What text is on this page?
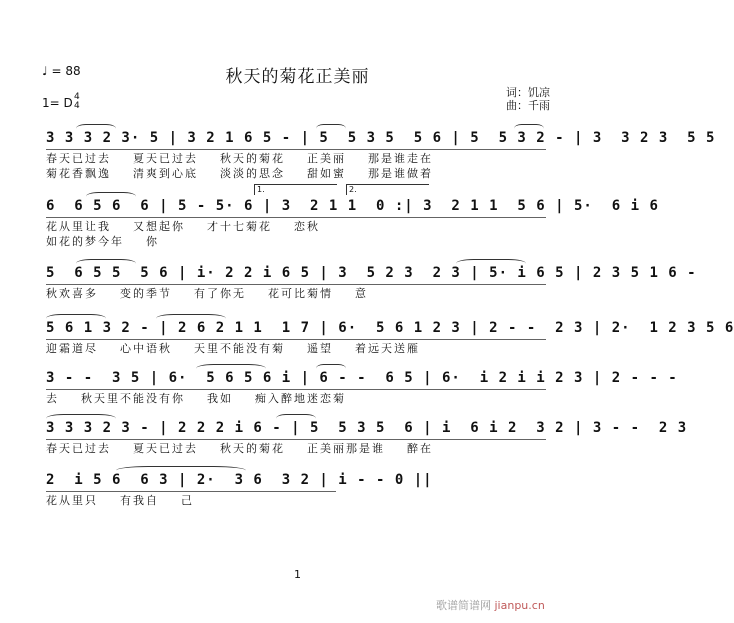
秋天的菊花正美丽
♩ = 88
1= D 4
4
词：饥凉
曲：千雨
3 3 3 2 3· 5 | 3 2 1 6 5 - | 5  5 3 5  5 6 | 5  5 3 2 - | 3  3 2 3  5 5
春天已过去    夏天已过去    秋天的菊花    正美丽    那是谁走在
菊花香飘逸    清爽到心底    淡淡的思念    甜如蜜    那是谁做着
1.	2.
6  6 5 6  6 | 5 - 5· 6 | 3  2 1 1  0 :| 3  2 1 1  5 6 | 5·  6 i 6
花从里让我    又想起你    才十七菊花    恋秋
如花的梦今年    你
5  6 5 5  5 6 | i· 2 2 i 6 5 | 3  5 2 3  2 3 | 5· i 6 5 | 2 3 5 1 6 -
秋欢喜多    变的季节    有了你无    花可比菊情    意
5 6 1 3 2 - | 2 6 2 1 1  1 7 | 6·  5 6 1 2 3 | 2 - -  2 3 | 2·  1 2 3 5 6
迎霜道尽    心中语秋    天里不能没有菊    遥望    着远天送雁
3 - -  3 5 | 6·  5 6 5 6 i | 6 - -  6 5 | 6·  i 2 i i 2 3 | 2 - - -
去    秋天里不能没有你    我如    痴入醉地迷恋菊
3 3 3 2 3 - | 2 2 2 i 6 - | 5  5 3 5  6 | i  6 i 2  3 2 | 3 - -  2 3
春天已过去    夏天已过去    秋天的菊花    正美丽那是谁    醉在
2  i 5 6  6 3 | 2·  3 6  3 2 | i - - 0 ||
花从里只    有我自    己
1
歌谱简谱网 jianpu.cn
